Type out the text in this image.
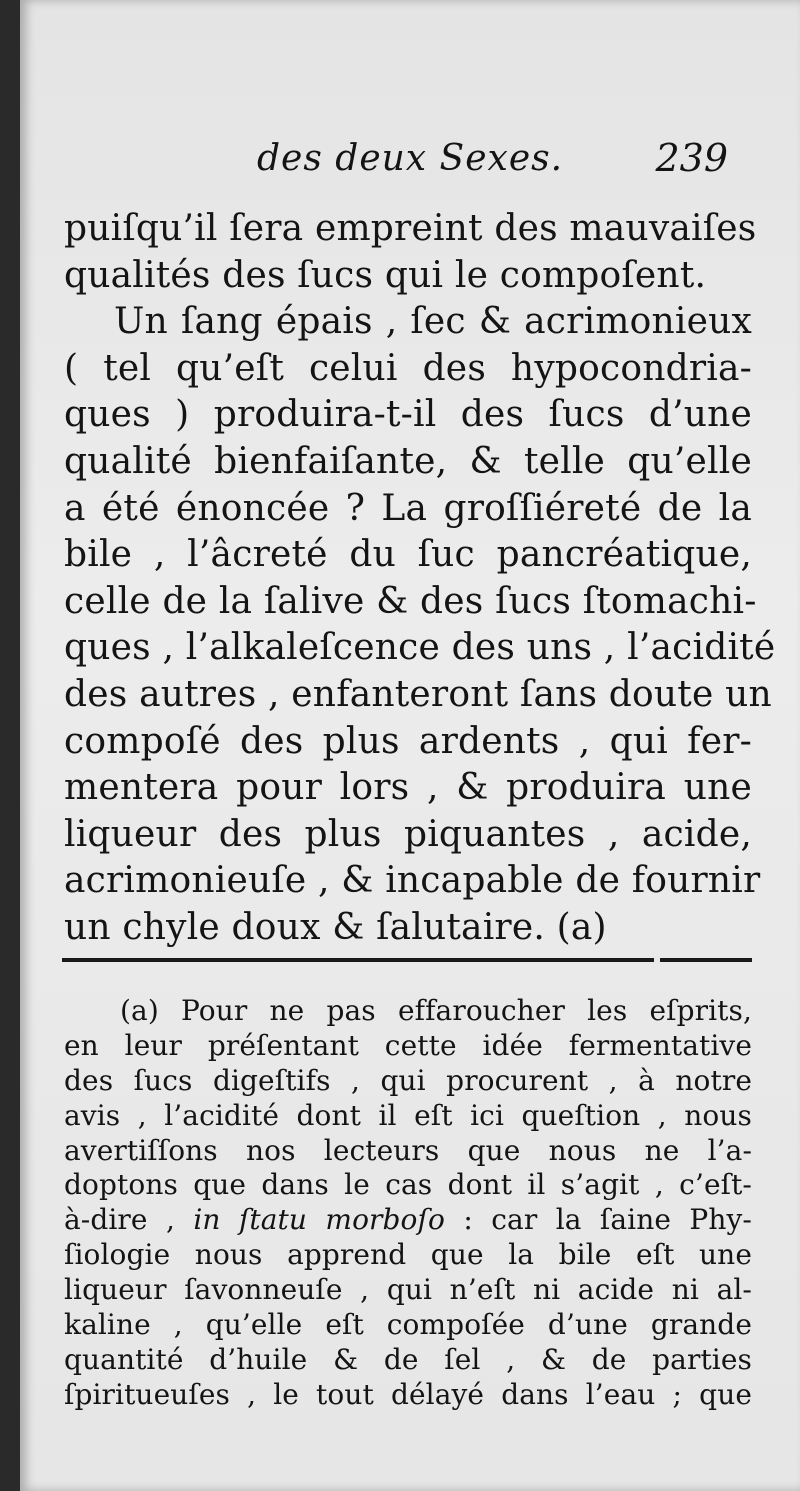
des deux Sexes. 239
puiſqu’il ſera empreint des mauvaiſes
qualités des ſucs qui le compoſent.
Un ſang épais , ſec & acrimonieux
( tel qu’eſt celui des hypocondria-
ques ) produira-t-il des ſucs d’une
qualité bienfaiſante, & telle qu’elle
a été énoncée ? La groſſiéreté de la
bile , l’âcreté du ſuc pancréatique,
celle de la ſalive & des ſucs ſtomachi-
ques , l’alkaleſcence des uns , l’acidité
des autres , enfanteront ſans doute un
compoſé des plus ardents , qui fer-
mentera pour lors , & produira une
liqueur des plus piquantes , acide,
acrimonieuſe , & incapable de fournir
un chyle doux & ſalutaire. (a)
(a) Pour ne pas effaroucher les eſprits,
en leur préſentant cette idée fermentative
des ſucs digeſtifs , qui procurent , à notre
avis , l’acidité dont il eſt ici queſtion , nous
avertiſſons nos lecteurs que nous ne l’a-
doptons que dans le cas dont il s’agit , c’eſt-
à-dire , in ſtatu morboſo : car la ſaine Phy-
ſiologie nous apprend que la bile eſt une
liqueur ſavonneuſe , qui n’eſt ni acide ni al-
kaline , qu’elle eſt compoſée d’une grande
quantité d’huile & de ſel , & de parties
ſpiritueuſes , le tout délayé dans l’eau ; que
